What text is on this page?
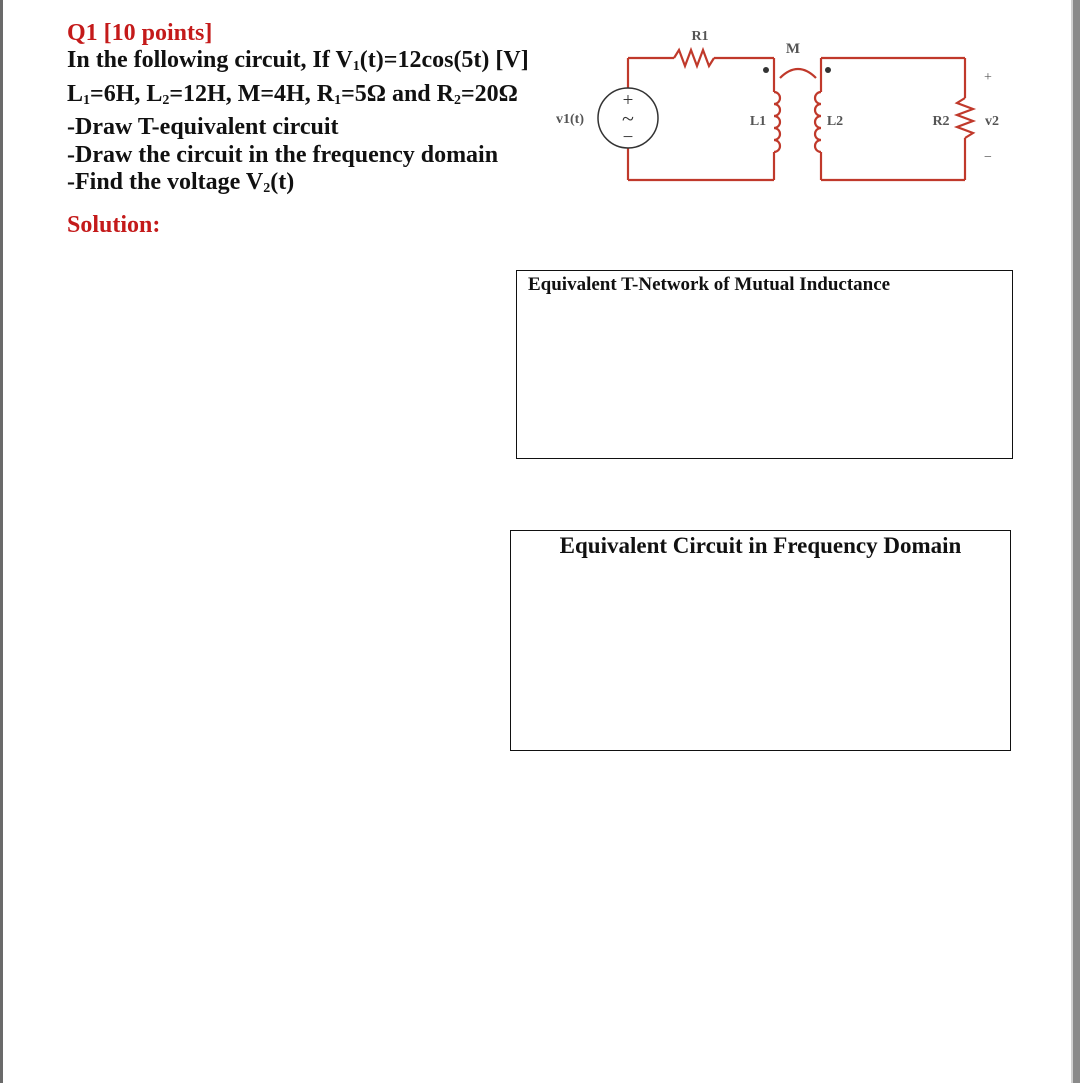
Q1 [10 points]
In the following circuit, If $V_1(t)=12\cos(5t)$ [V]
$L_1=6H$, $L_2=12H$, M=4H, $R_1=5\Omega$ and $R_2=20\Omega$
-Draw T-equivalent circuit
-Draw the circuit in the frequency domain
-Find the voltage $V_2(t)$
Solution:
+
~
−
R1
M
v1(t)	L1	L2	R2	v2
+
−
Equivalent T-Network of Mutual Inductance
Equivalent Circuit in Frequency Domain
